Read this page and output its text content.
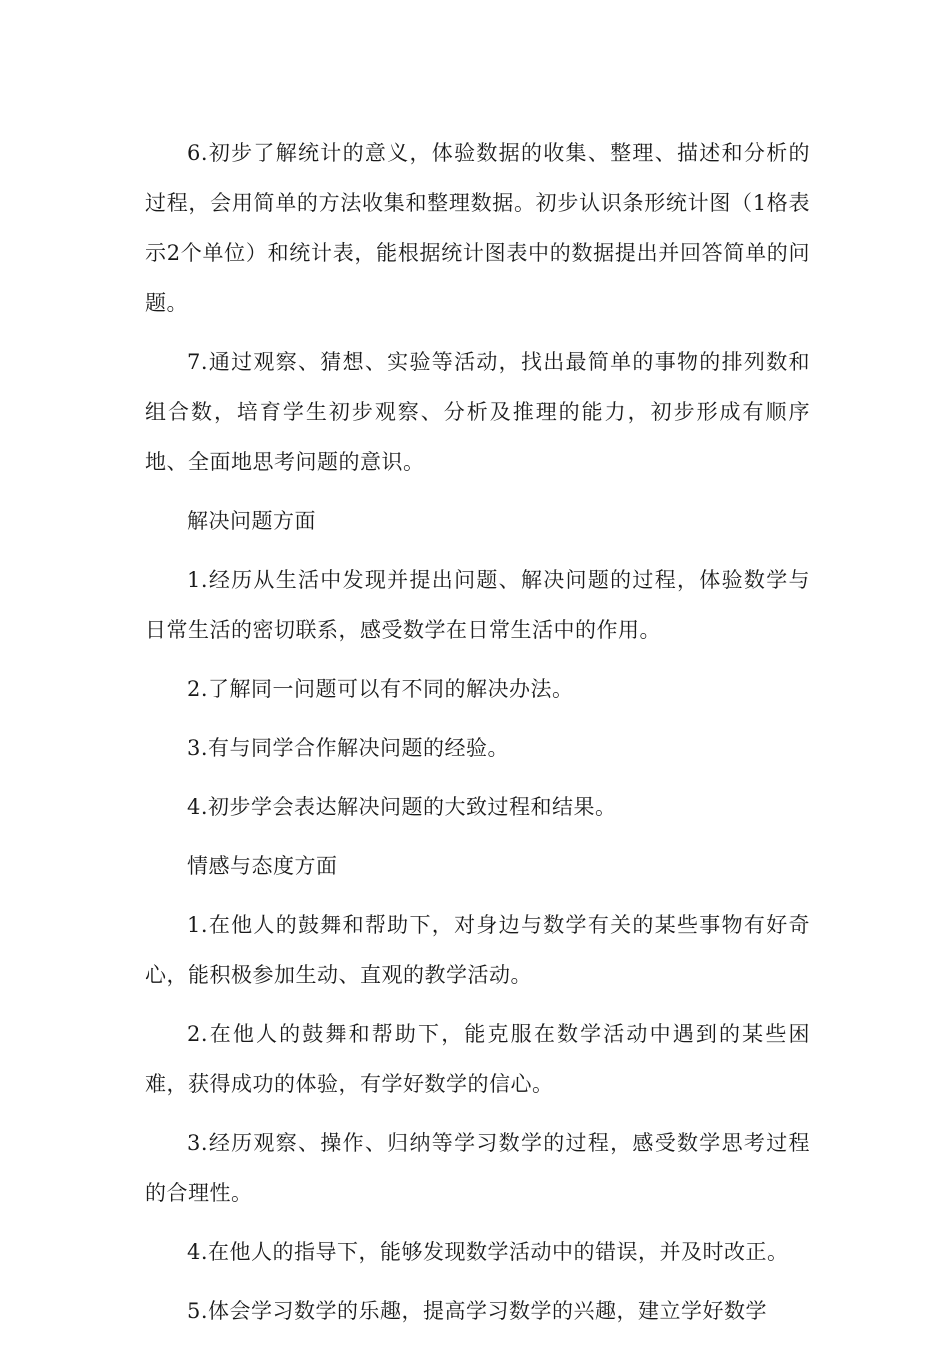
6.初步了解统计的意义，体验数据的收集、整理、描述和分析的过程，会用简单的方法收集和整理数据。初步认识条形统计图（1格表示2个单位）和统计表，能根据统计图表中的数据提出并回答简单的问题。

7.通过观察、猜想、实验等活动，找出最简单的事物的排列数和组合数，培育学生初步观察、分析及推理的能力，初步形成有顺序地、全面地思考问题的意识。

解决问题方面

1.经历从生活中发现并提出问题、解决问题的过程，体验数学与日常生活的密切联系，感受数学在日常生活中的作用。

2.了解同一问题可以有不同的解决办法。

3.有与同学合作解决问题的经验。

4.初步学会表达解决问题的大致过程和结果。

情感与态度方面

1.在他人的鼓舞和帮助下，对身边与数学有关的某些事物有好奇心，能积极参加生动、直观的教学活动。

2.在他人的鼓舞和帮助下，能克服在数学活动中遇到的某些困难，获得成功的体验，有学好数学的信心。

3.经历观察、操作、归纳等学习数学的过程，感受数学思考过程的合理性。

4.在他人的指导下，能够发现数学活动中的错误，并及时改正。

5.体会学习数学的乐趣，提高学习数学的兴趣，建立学好数学
